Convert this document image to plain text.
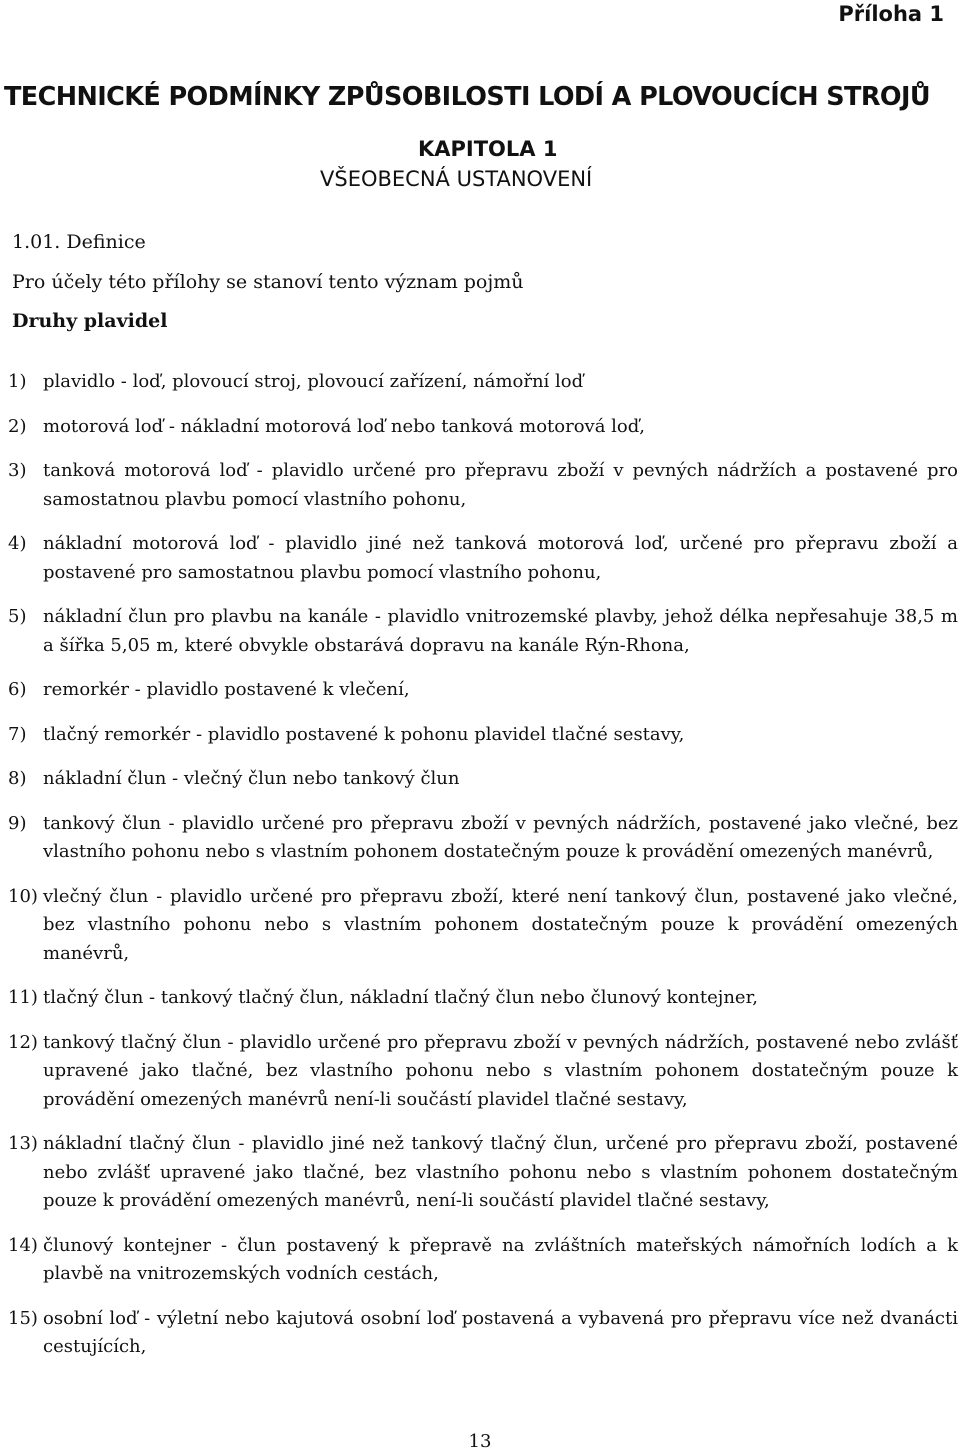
Příloha 1
TECHNICKÉ PODMÍNKY ZPŮSOBILOSTI LODÍ A PLOVOUCÍCH STROJŮ
KAPITOLA 1
VŠEOBECNÁ USTANOVENÍ
1.01. Definice
Pro účely této přílohy se stanoví tento význam pojmů
Druhy plavidel
1) plavidlo - loď, plovoucí stroj, plovoucí zařízení, námořní loď
2) motorová loď - nákladní motorová loď nebo tanková motorová loď,
3) tanková motorová loď - plavidlo určené pro přepravu zboží v pevných nádržích a postavené pro samostatnou plavbu pomocí vlastního pohonu,
4) nákladní motorová loď - plavidlo jiné než tanková motorová loď, určené pro přepravu zboží a postavené pro samostatnou plavbu pomocí vlastního pohonu,
5) nákladní člun pro plavbu na kanále - plavidlo vnitrozemské plavby, jehož délka nepřesahuje 38,5 m a šířka 5,05 m, které obvykle obstarává dopravu na kanále Rýn-Rhona,
6) remorkér - plavidlo postavené k vlečení,
7) tlačný remorkér - plavidlo postavené k pohonu plavidel tlačné sestavy,
8) nákladní člun - vlečný člun nebo tankový člun
9) tankový člun - plavidlo určené pro přepravu zboží v pevných nádržích, postavené jako vlečné, bez vlastního pohonu nebo s vlastním pohonem dostatečným pouze k provádění omezených manévrů,
10) vlečný člun - plavidlo určené pro přepravu zboží, které není tankový člun, postavené jako vlečné, bez vlastního pohonu nebo s vlastním pohonem dostatečným pouze k provádění omezených manévrů,
11) tlačný člun - tankový tlačný člun, nákladní tlačný člun nebo člunový kontejner,
12) tankový tlačný člun - plavidlo určené pro přepravu zboží v pevných nádržích, postavené nebo zvlášť upravené jako tlačné, bez vlastního pohonu nebo s vlastním pohonem dostatečným pouze k provádění omezených manévrů není-li součástí plavidel tlačné sestavy,
13) nákladní tlačný člun - plavidlo jiné než tankový tlačný člun, určené pro přepravu zboží, postavené nebo zvlášť upravené jako tlačné, bez vlastního pohonu nebo s vlastním pohonem dostatečným pouze k provádění omezených manévrů, není-li součástí plavidel tlačné sestavy,
14) člunový kontejner - člun postavený k přepravě na zvláštních mateřských námořních lodích a k plavbě na vnitrozemských vodních cestách,
15) osobní loď - výletní nebo kajutová osobní loď postavená a vybavená pro přepravu více než dvanácti cestujících,
13
